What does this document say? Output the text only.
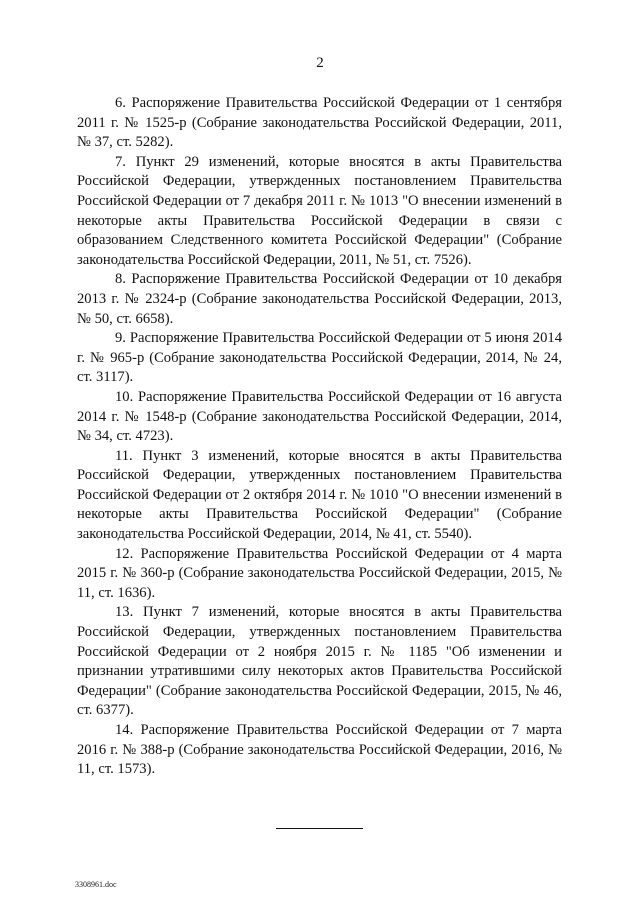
2

6. Распоряжение Правительства Российской Федерации от 1 сентября 2011 г. № 1525-р (Собрание законодательства Российской Федерации, 2011, № 37, ст. 5282).

7. Пункт 29 изменений, которые вносятся в акты Правительства Российской Федерации, утвержденных постановлением Правительства Российской Федерации от 7 декабря 2011 г. № 1013 "О внесении изменений в некоторые акты Правительства Российской Федерации в связи с образованием Следственного комитета Российской Федерации" (Собрание законодательства Российской Федерации, 2011, № 51, ст. 7526).

8. Распоряжение Правительства Российской Федерации от 10 декабря 2013 г. № 2324-р (Собрание законодательства Российской Федерации, 2013, № 50, ст. 6658).

9. Распоряжение Правительства Российской Федерации от 5 июня 2014 г. № 965-р (Собрание законодательства Российской Федерации, 2014, № 24, ст. 3117).

10. Распоряжение Правительства Российской Федерации от 16 августа 2014 г. № 1548-р (Собрание законодательства Российской Федерации, 2014, № 34, ст. 4723).

11. Пункт 3 изменений, которые вносятся в акты Правительства Российской Федерации, утвержденных постановлением Правительства Российской Федерации от 2 октября 2014 г. № 1010 "О внесении изменений в некоторые акты Правительства Российской Федерации" (Собрание законодательства Российской Федерации, 2014, № 41, ст. 5540).

12. Распоряжение Правительства Российской Федерации от 4 марта 2015 г. № 360-р (Собрание законодательства Российской Федерации, 2015, № 11, ст. 1636).

13. Пункт 7 изменений, которые вносятся в акты Правительства Российской Федерации, утвержденных постановлением Правительства Российской Федерации от 2 ноября 2015 г. № 1185 "Об изменении и признании утратившими силу некоторых актов Правительства Российской Федерации" (Собрание законодательства Российской Федерации, 2015, № 46, ст. 6377).

14. Распоряжение Правительства Российской Федерации от 7 марта 2016 г. № 388-р (Собрание законодательства Российской Федерации, 2016, № 11, ст. 1573).

3308961.doc
